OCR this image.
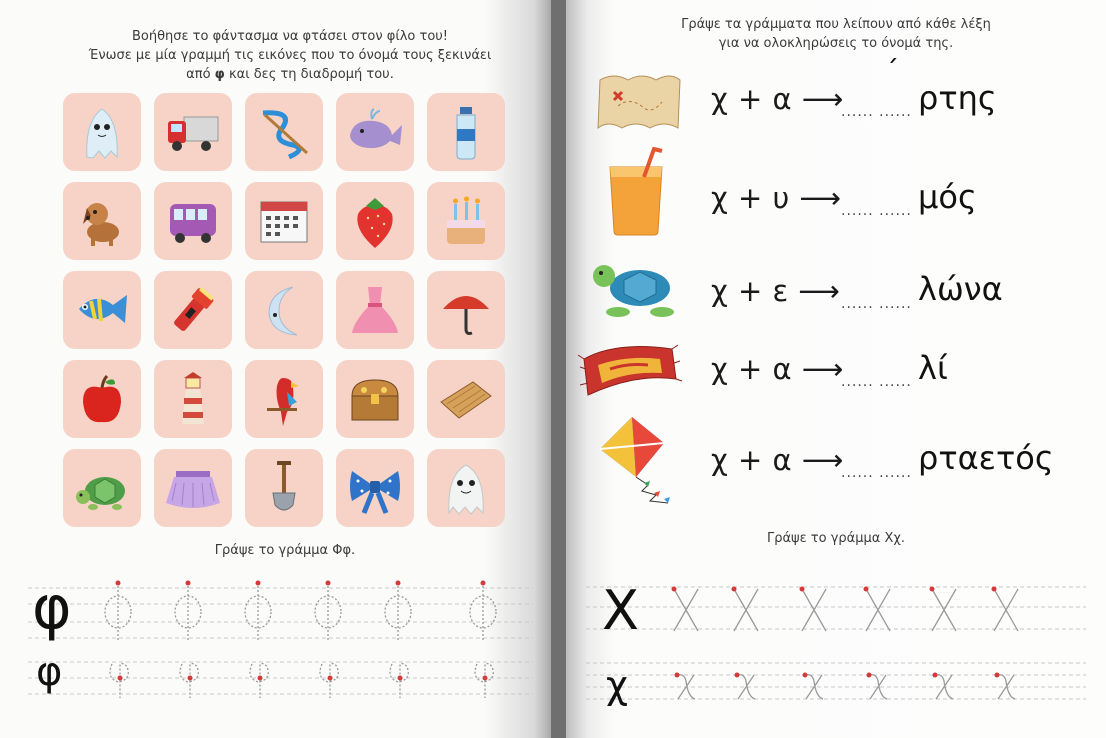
Βοήθησε το φάντασμα να φτάσει στον φίλο του!
Ένωσε με μία γραμμή τις εικόνες που το όνομά τους ξεκινάει
από φ και δες τη διαδρομή του.
Γράψε το γράμμα Φφ.
φ
φ
Γράψε τα γράμματα που λείπουν από κάθε λέξη
για να ολοκληρώσεις το όνομά της.
χ + α ⟶
...... ......
΄
ρτης
χ + υ ⟶ ...... ...... μός
χ + ε ⟶ ...... ...... λώνα
χ + α ⟶
...... ...... λί
χ + α ⟶
...... ...... ρταετός
Γράψε το γράμμα Χχ.
Χ
χ
